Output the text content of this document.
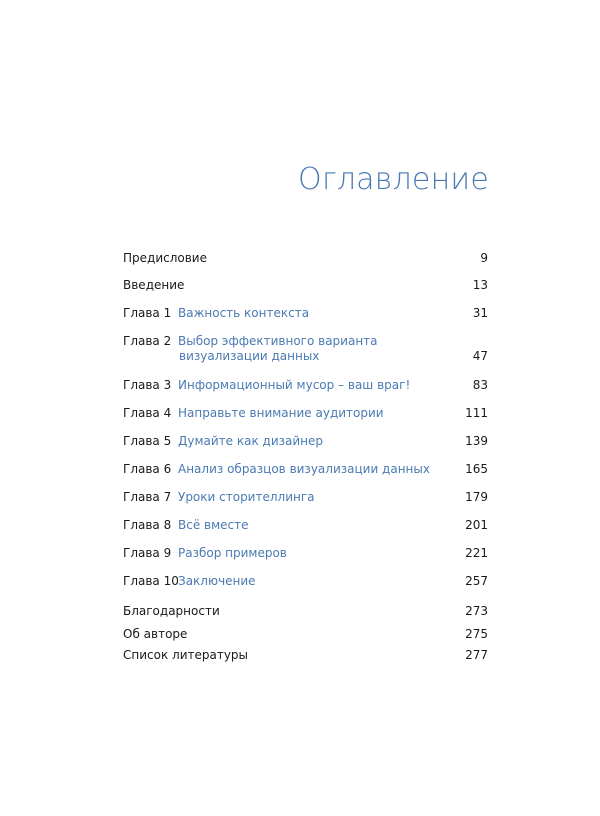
Оглавление
Предисловие	9
Введение	13
Глава 1 Важность контекста	31
Глава 2 Выбор эффективного варианта
визуализации данных	47
Глава 3 Информационный мусор – ваш враг!	83
Глава 4 Направьте внимание аудитории	111
Глава 5 Думайте как дизайнер	139
Глава 6 Анализ образцов визуализации данных	165
Глава 7 Уроки сторителлинга	179
Глава 8 Всё вместе	201
Глава 9 Разбор примеров	221
Глава 10 Заключение	257
Благодарности	273
Об авторе	275
Список литературы	277
